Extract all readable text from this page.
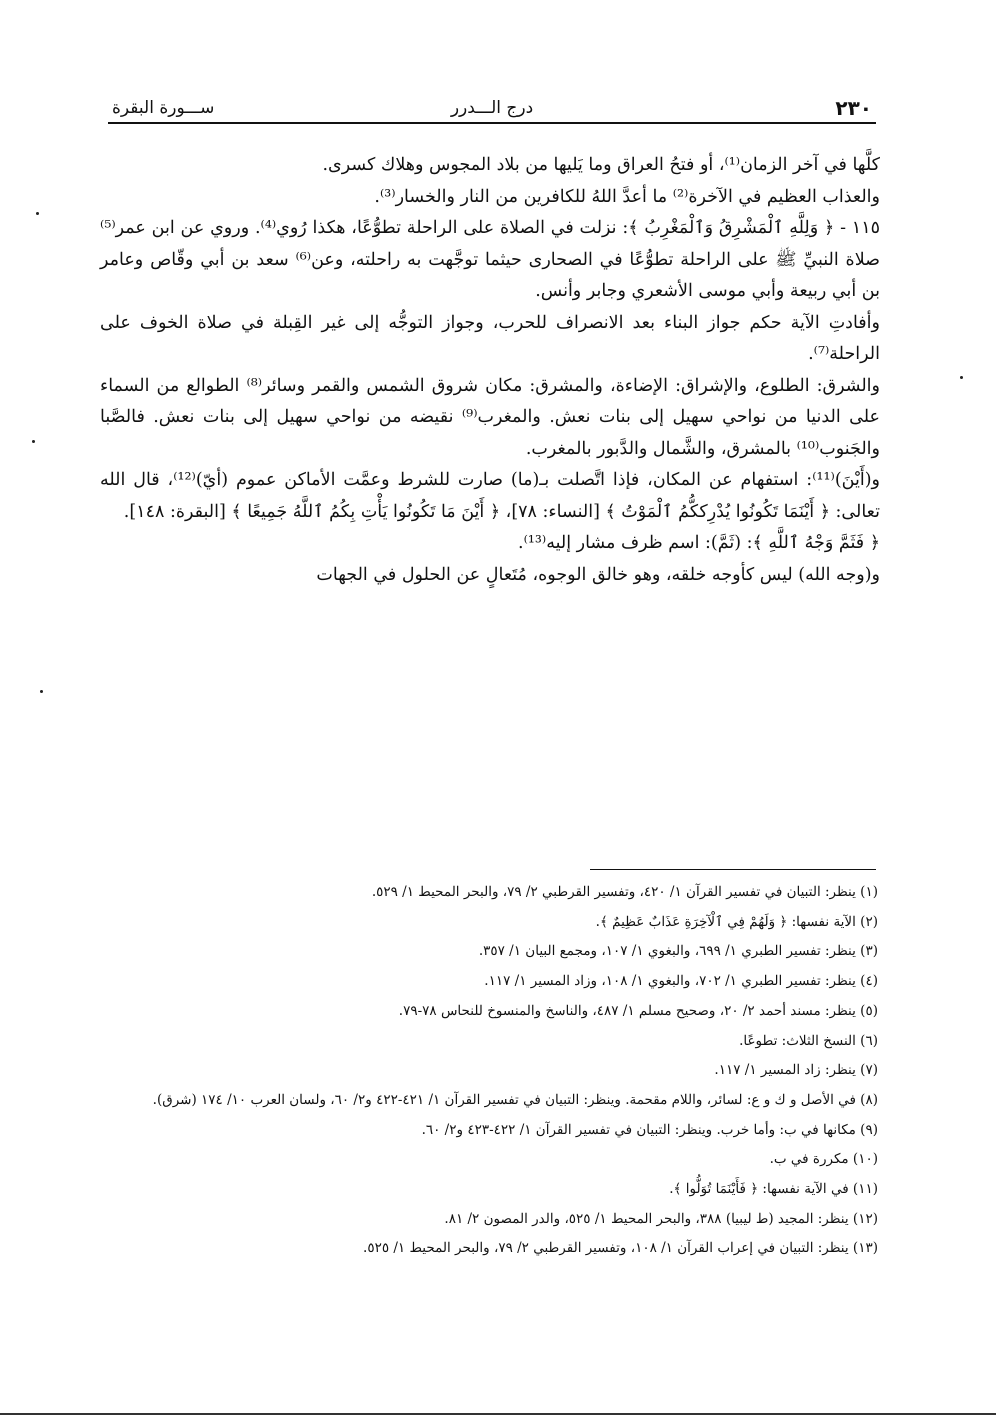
٢٣٠
درج الـــدرر
ســـورة البقرة

كلَّها في آخر الزمان⁽¹⁾، أو فتحُ العراق وما يَليها من بلاد المجوس وهلاك كسرى.

والعذاب العظيم في الآخرة⁽²⁾ ما أعدَّ اللهُ للكافرين من النار والخسار⁽³⁾.

١١٥ - ﴿ وَلِلَّهِ ٱلْمَشْرِقُ وَٱلْمَغْرِبُ ﴾: نزلت في الصلاة على الراحلة تطوُّعًا، هكذا رُوي⁽⁴⁾. وروي عن ابن عمر⁽⁵⁾ صلاة النبيِّ ﷺ على الراحلة تطوُّعًا في الصحارى حيثما توجَّهت به راحلته، وعن⁽⁶⁾ سعد بن أبي وقّاص وعامر بن أبي ربيعة وأبي موسى الأشعري وجابر وأنس.

وأفادتِ الآية حكم جواز البناء بعد الانصراف للحرب، وجواز التوجُّه إلى غير القِبلة في صلاة الخوف على الراحلة⁽⁷⁾.

والشرق: الطلوع، والإشراق: الإضاءة، والمشرق: مكان شروق الشمس والقمر وسائر⁽⁸⁾ الطوالع من السماء على الدنيا من نواحي سهيل إلى بنات نعش. والمغرب⁽⁹⁾ نقيضه من نواحي سهيل إلى بنات نعش. فالصَّبا والجَنوب⁽¹⁰⁾ بالمشرق، والشَّمال والدَّبور بالمغرب.

و(أَيْنَ)⁽¹¹⁾: استفهام عن المكان، فإذا اتَّصلت بـ(ما) صارت للشرط وعمَّت الأماكن عموم (أيّ)⁽¹²⁾، قال الله تعالى: ﴿ أَيْنَمَا تَكُونُوا يُدْرِككُّمُ ٱلْمَوْتُ ﴾ [النساء: ٧٨]، ﴿ أَيْنَ مَا تَكُونُوا يَأْتِ بِكُمُ ٱللَّهُ جَمِيعًا ﴾ [البقرة: ١٤٨].

﴿ فَثَمَّ وَجْهُ ٱللَّهِ ﴾: (ثَمَّ): اسم ظرف مشار إليه⁽¹³⁾.

و(وجه الله) ليس كأوجه خلقه، وهو خالق الوجوه، مُتَعالٍ عن الحلول في الجهات

(١) ينظر: التبيان في تفسير القرآن ١/ ٤٢٠، وتفسير القرطبي ٢/ ٧٩، والبحر المحيط ١/ ٥٢٩.

(٢) الآية نفسها: ﴿ وَلَهُمْ فِي ٱلْآخِرَةِ عَذَابٌ عَظِيمٌ ﴾.

(٣) ينظر: تفسير الطبري ١/ ٦٩٩، والبغوي ١/ ١٠٧، ومجمع البيان ١/ ٣٥٧.

(٤) ينظر: تفسير الطبري ١/ ٧٠٢، والبغوي ١/ ١٠٨، وزاد المسير ١/ ١١٧.

(٥) ينظر: مسند أحمد ٢/ ٢٠، وصحيح مسلم ١/ ٤٨٧، والناسخ والمنسوخ للنحاس ٧٨-٧٩.

(٦) النسخ الثلاث: تطوعًا.

(٧) ينظر: زاد المسير ١/ ١١٧.

(٨) في الأصل و ك و ع: لسائر، واللام مقحمة. وينظر: التبيان في تفسير القرآن ١/ ٤٢١-٤٢٢ و٢/ ٦٠، ولسان العرب ١٠/ ١٧٤ (شرق).

(٩) مكانها في ب: وأما خرب. وينظر: التبيان في تفسير القرآن ١/ ٤٢٢-٤٢٣ و٢/ ٦٠.

(١٠) مكررة في ب.

(١١) في الآية نفسها: ﴿ فَأَيْنَمَا تُوَلُّوا ﴾.

(١٢) ينظر: المجيد (ط ليبيا) ٣٨٨، والبحر المحيط ١/ ٥٢٥، والدر المصون ٢/ ٨١.

(١٣) ينظر: التبيان في إعراب القرآن ١/ ١٠٨، وتفسير القرطبي ٢/ ٧٩، والبحر المحيط ١/ ٥٢٥.
